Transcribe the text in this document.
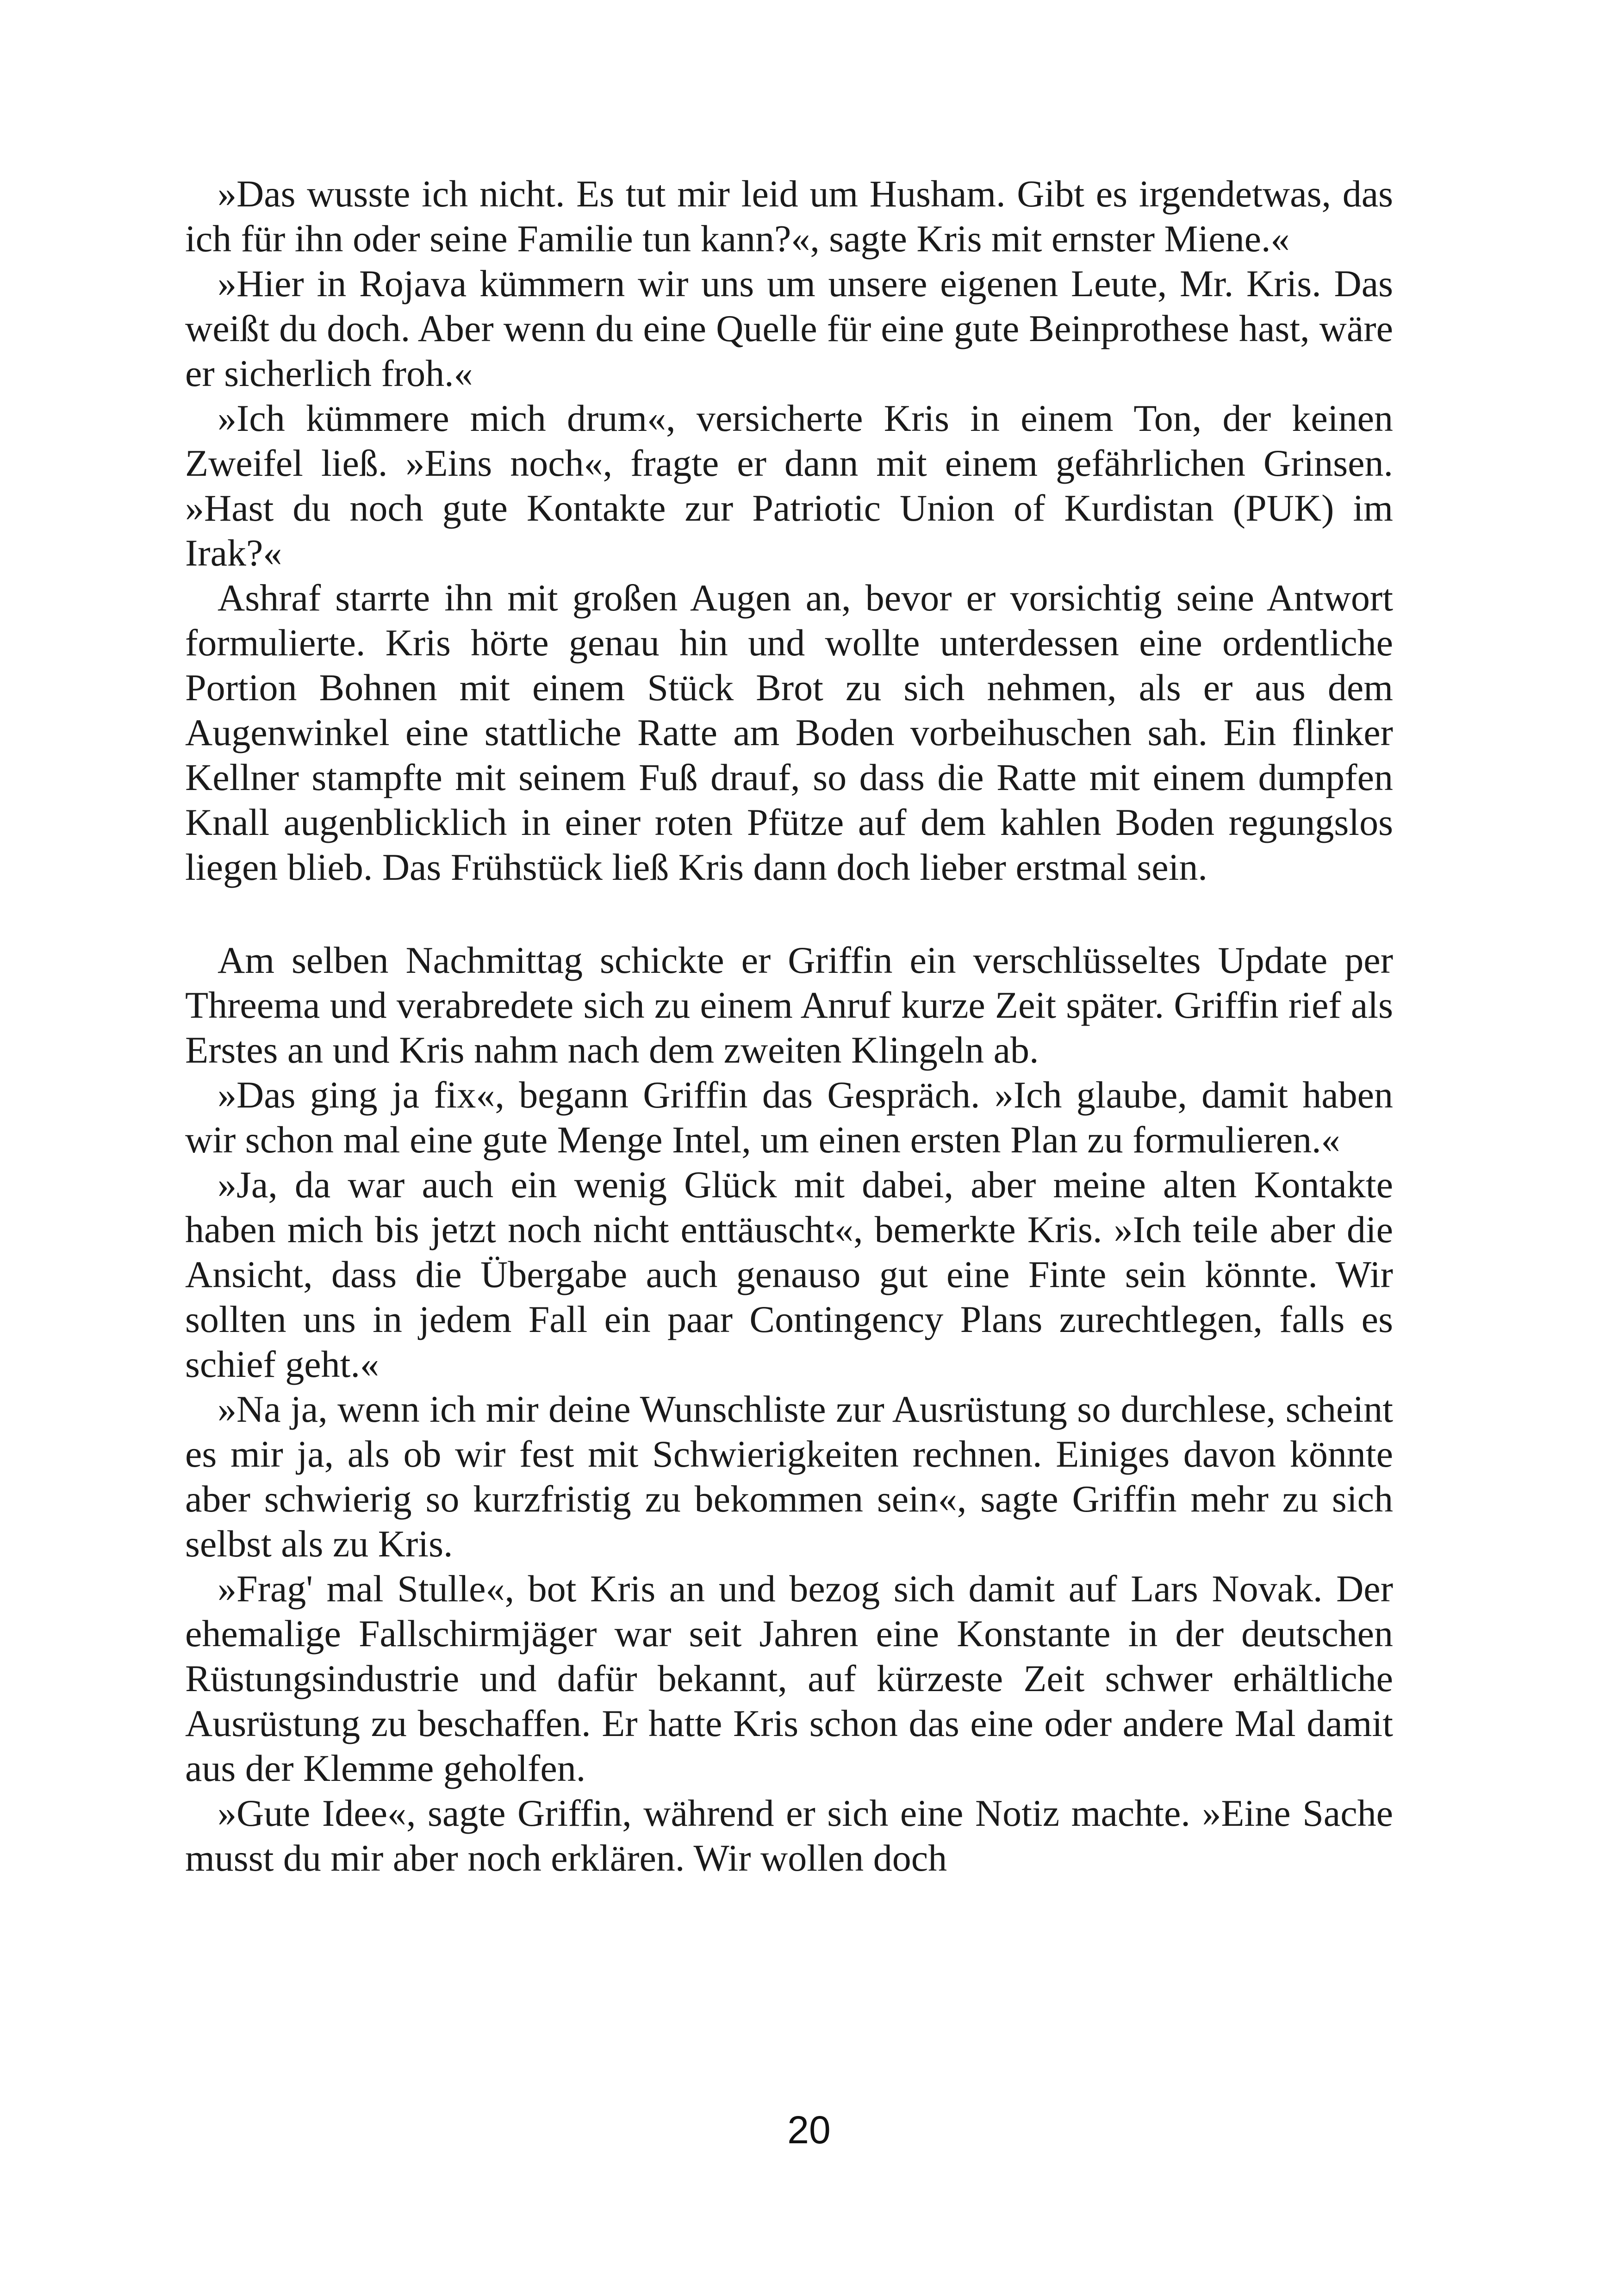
»Das wusste ich nicht. Es tut mir leid um Husham. Gibt es irgendetwas, das ich für ihn oder seine Familie tun kann?«, sagte Kris mit ernster Miene.«

»Hier in Rojava kümmern wir uns um unsere eigenen Leute, Mr. Kris. Das weißt du doch. Aber wenn du eine Quelle für eine gute Beinprothese hast, wäre er sicherlich froh.«

»Ich kümmere mich drum«, versicherte Kris in einem Ton, der keinen Zweifel ließ. »Eins noch«, fragte er dann mit einem gefährlichen Grinsen. »Hast du noch gute Kontakte zur Patriotic Union of Kurdistan (PUK) im Irak?«

Ashraf starrte ihn mit großen Augen an, bevor er vorsichtig seine Antwort formulierte. Kris hörte genau hin und wollte unterdessen eine ordentliche Portion Bohnen mit einem Stück Brot zu sich nehmen, als er aus dem Augenwinkel eine stattliche Ratte am Boden vorbeihuschen sah. Ein flinker Kellner stampfte mit seinem Fuß drauf, so dass die Ratte mit einem dumpfen Knall augenblicklich in einer roten Pfütze auf dem kahlen Boden regungslos liegen blieb. Das Frühstück ließ Kris dann doch lieber erstmal sein.

Am selben Nachmittag schickte er Griffin ein verschlüsseltes Update per Threema und verabredete sich zu einem Anruf kurze Zeit später. Griffin rief als Erstes an und Kris nahm nach dem zweiten Klingeln ab.

»Das ging ja fix«, begann Griffin das Gespräch. »Ich glaube, damit haben wir schon mal eine gute Menge Intel, um einen ersten Plan zu formulieren.«

»Ja, da war auch ein wenig Glück mit dabei, aber meine alten Kontakte haben mich bis jetzt noch nicht enttäuscht«, bemerkte Kris. »Ich teile aber die Ansicht, dass die Übergabe auch genauso gut eine Finte sein könnte. Wir sollten uns in jedem Fall ein paar Contingency Plans zurechtlegen, falls es schief geht.«

»Na ja, wenn ich mir deine Wunschliste zur Ausrüstung so durchlese, scheint es mir ja, als ob wir fest mit Schwierigkeiten rechnen. Einiges davon könnte aber schwierig so kurzfristig zu bekommen sein«, sagte Griffin mehr zu sich selbst als zu Kris.

»Frag' mal Stulle«, bot Kris an und bezog sich damit auf Lars Novak. Der ehemalige Fallschirmjäger war seit Jahren eine Konstante in der deutschen Rüstungsindustrie und dafür bekannt, auf kürzeste Zeit schwer erhältliche Ausrüstung zu beschaffen. Er hatte Kris schon das eine oder andere Mal damit aus der Klemme geholfen.

»Gute Idee«, sagte Griffin, während er sich eine Notiz machte. »Eine Sache musst du mir aber noch erklären. Wir wollen doch

20
